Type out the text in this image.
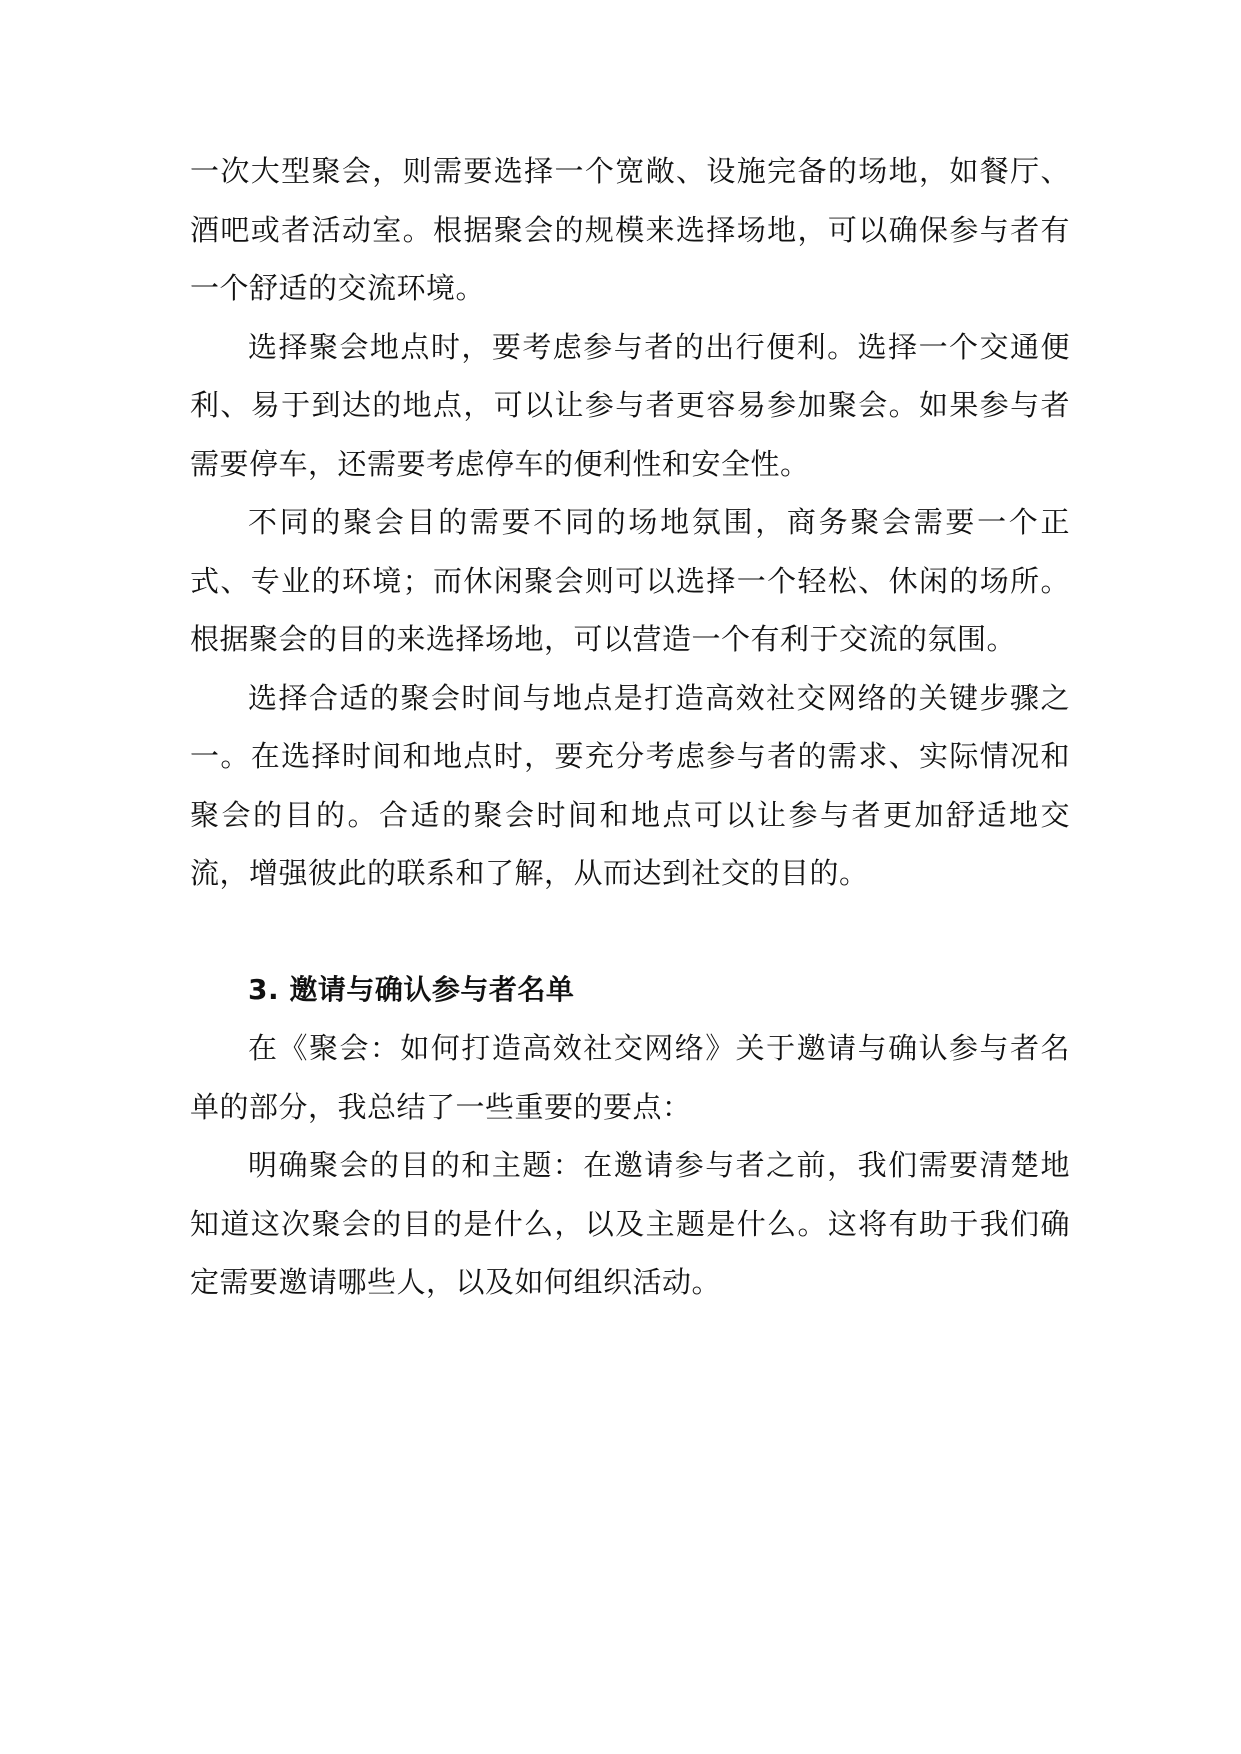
一次大型聚会，则需要选择一个宽敞、设施完备的场地，如餐厅、酒吧或者活动室。根据聚会的规模来选择场地，可以确保参与者有一个舒适的交流环境。

选择聚会地点时，要考虑参与者的出行便利。选择一个交通便利、易于到达的地点，可以让参与者更容易参加聚会。如果参与者需要停车，还需要考虑停车的便利性和安全性。

不同的聚会目的需要不同的场地氛围，商务聚会需要一个正式、专业的环境；而休闲聚会则可以选择一个轻松、休闲的场所。根据聚会的目的来选择场地，可以营造一个有利于交流的氛围。

选择合适的聚会时间与地点是打造高效社交网络的关键步骤之一。在选择时间和地点时，要充分考虑参与者的需求、实际情况和聚会的目的。合适的聚会时间和地点可以让参与者更加舒适地交流，增强彼此的联系和了解，从而达到社交的目的。

3. 邀请与确认参与者名单

在《聚会：如何打造高效社交网络》关于邀请与确认参与者名单的部分，我总结了一些重要的要点：

明确聚会的目的和主题：在邀请参与者之前，我们需要清楚地知道这次聚会的目的是什么，以及主题是什么。这将有助于我们确定需要邀请哪些人，以及如何组织活动。
